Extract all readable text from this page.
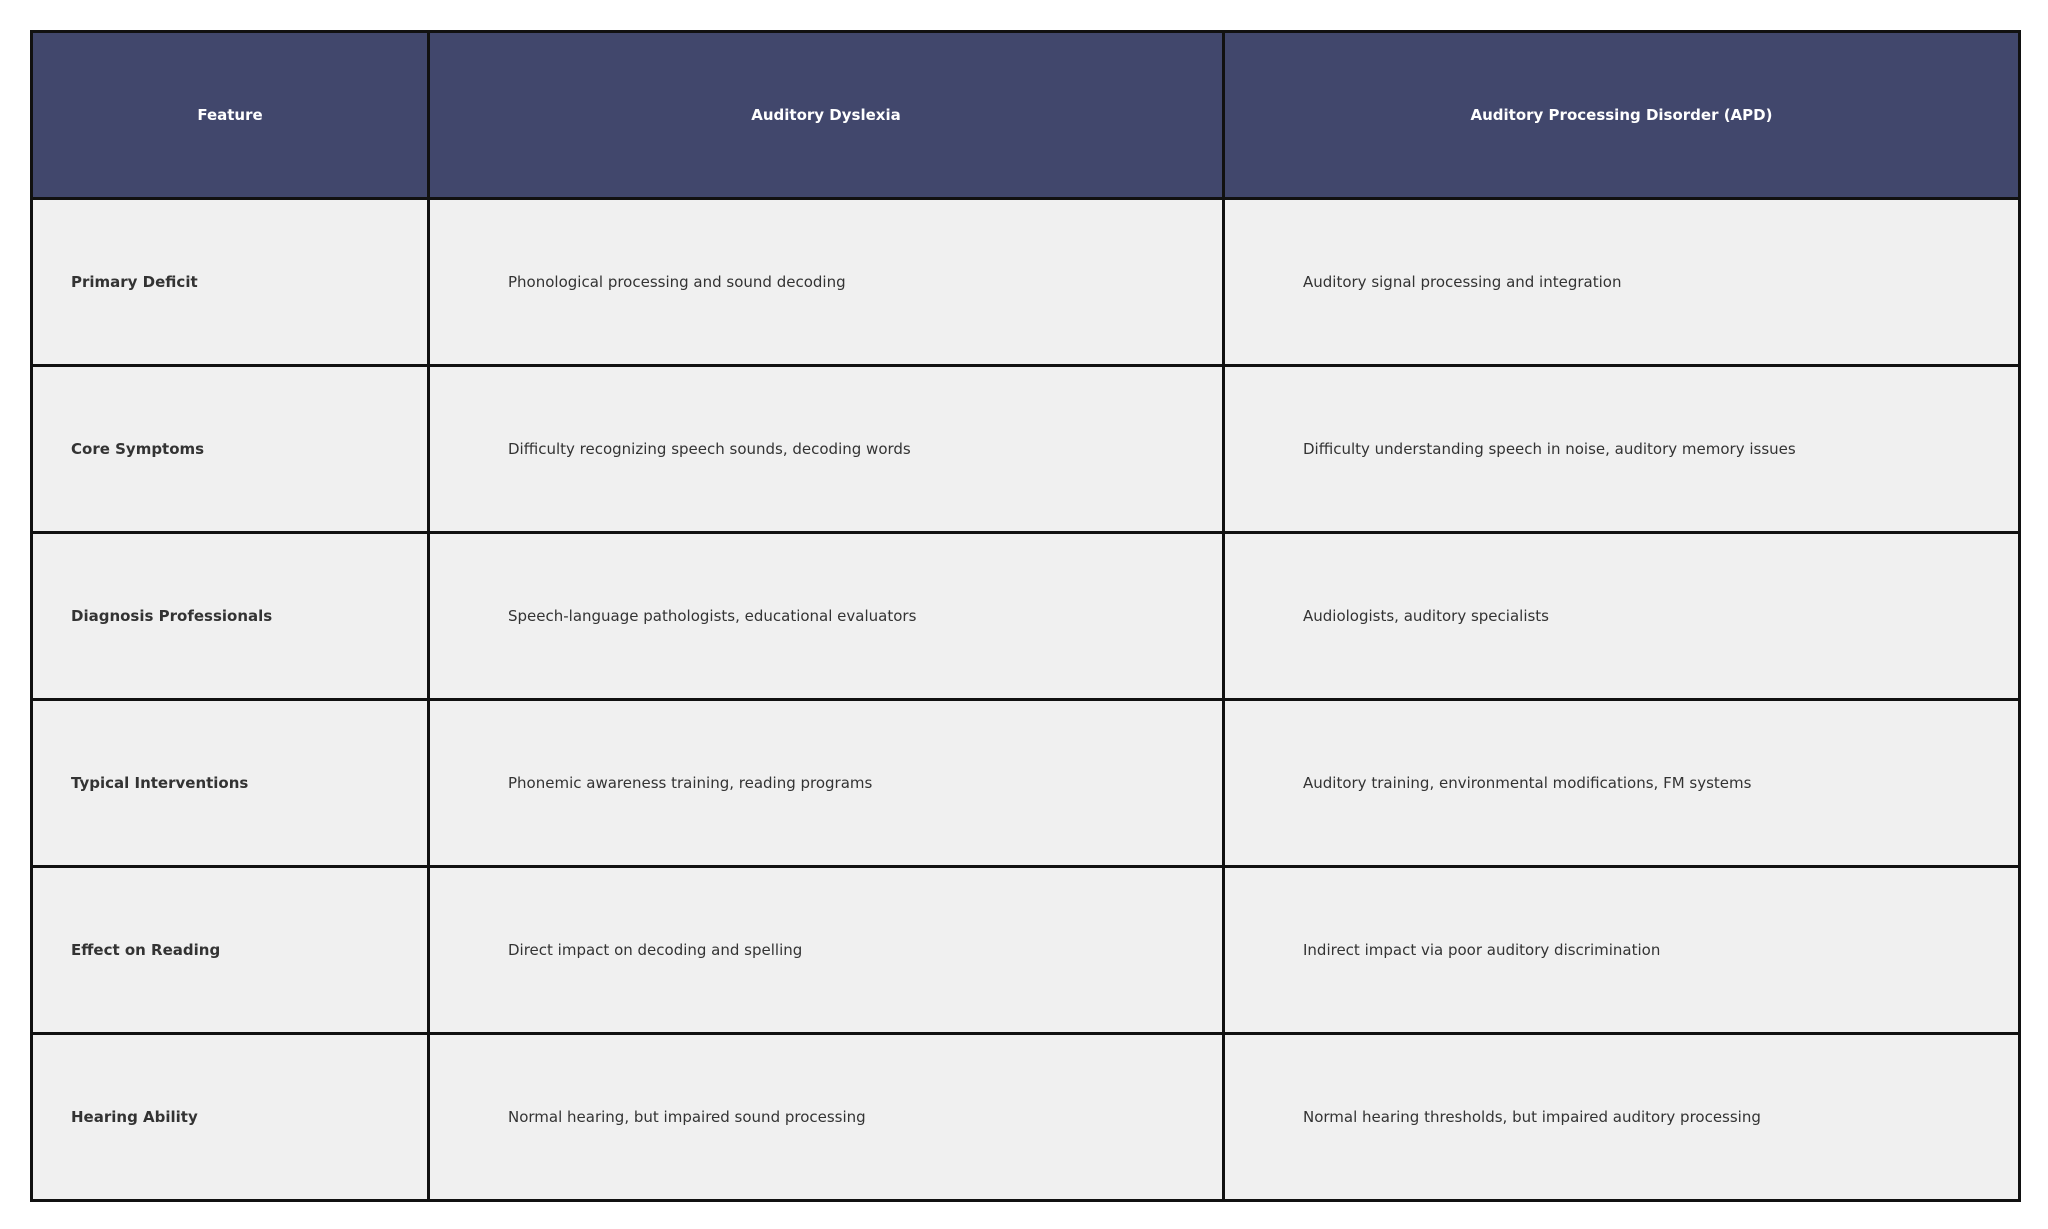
Feature	Auditory Dyslexia	Auditory Processing Disorder (APD)
Primary Deficit	Phonological processing and sound decoding	Auditory signal processing and integration
Core Symptoms	Difficulty recognizing speech sounds, decoding words	Difficulty understanding speech in noise, auditory memory issues
Diagnosis Professionals	Speech-language pathologists, educational evaluators	Audiologists, auditory specialists
Typical Interventions	Phonemic awareness training, reading programs	Auditory training, environmental modifications, FM systems
Effect on Reading	Direct impact on decoding and spelling	Indirect impact via poor auditory discrimination
Hearing Ability	Normal hearing, but impaired sound processing	Normal hearing thresholds, but impaired auditory processing
